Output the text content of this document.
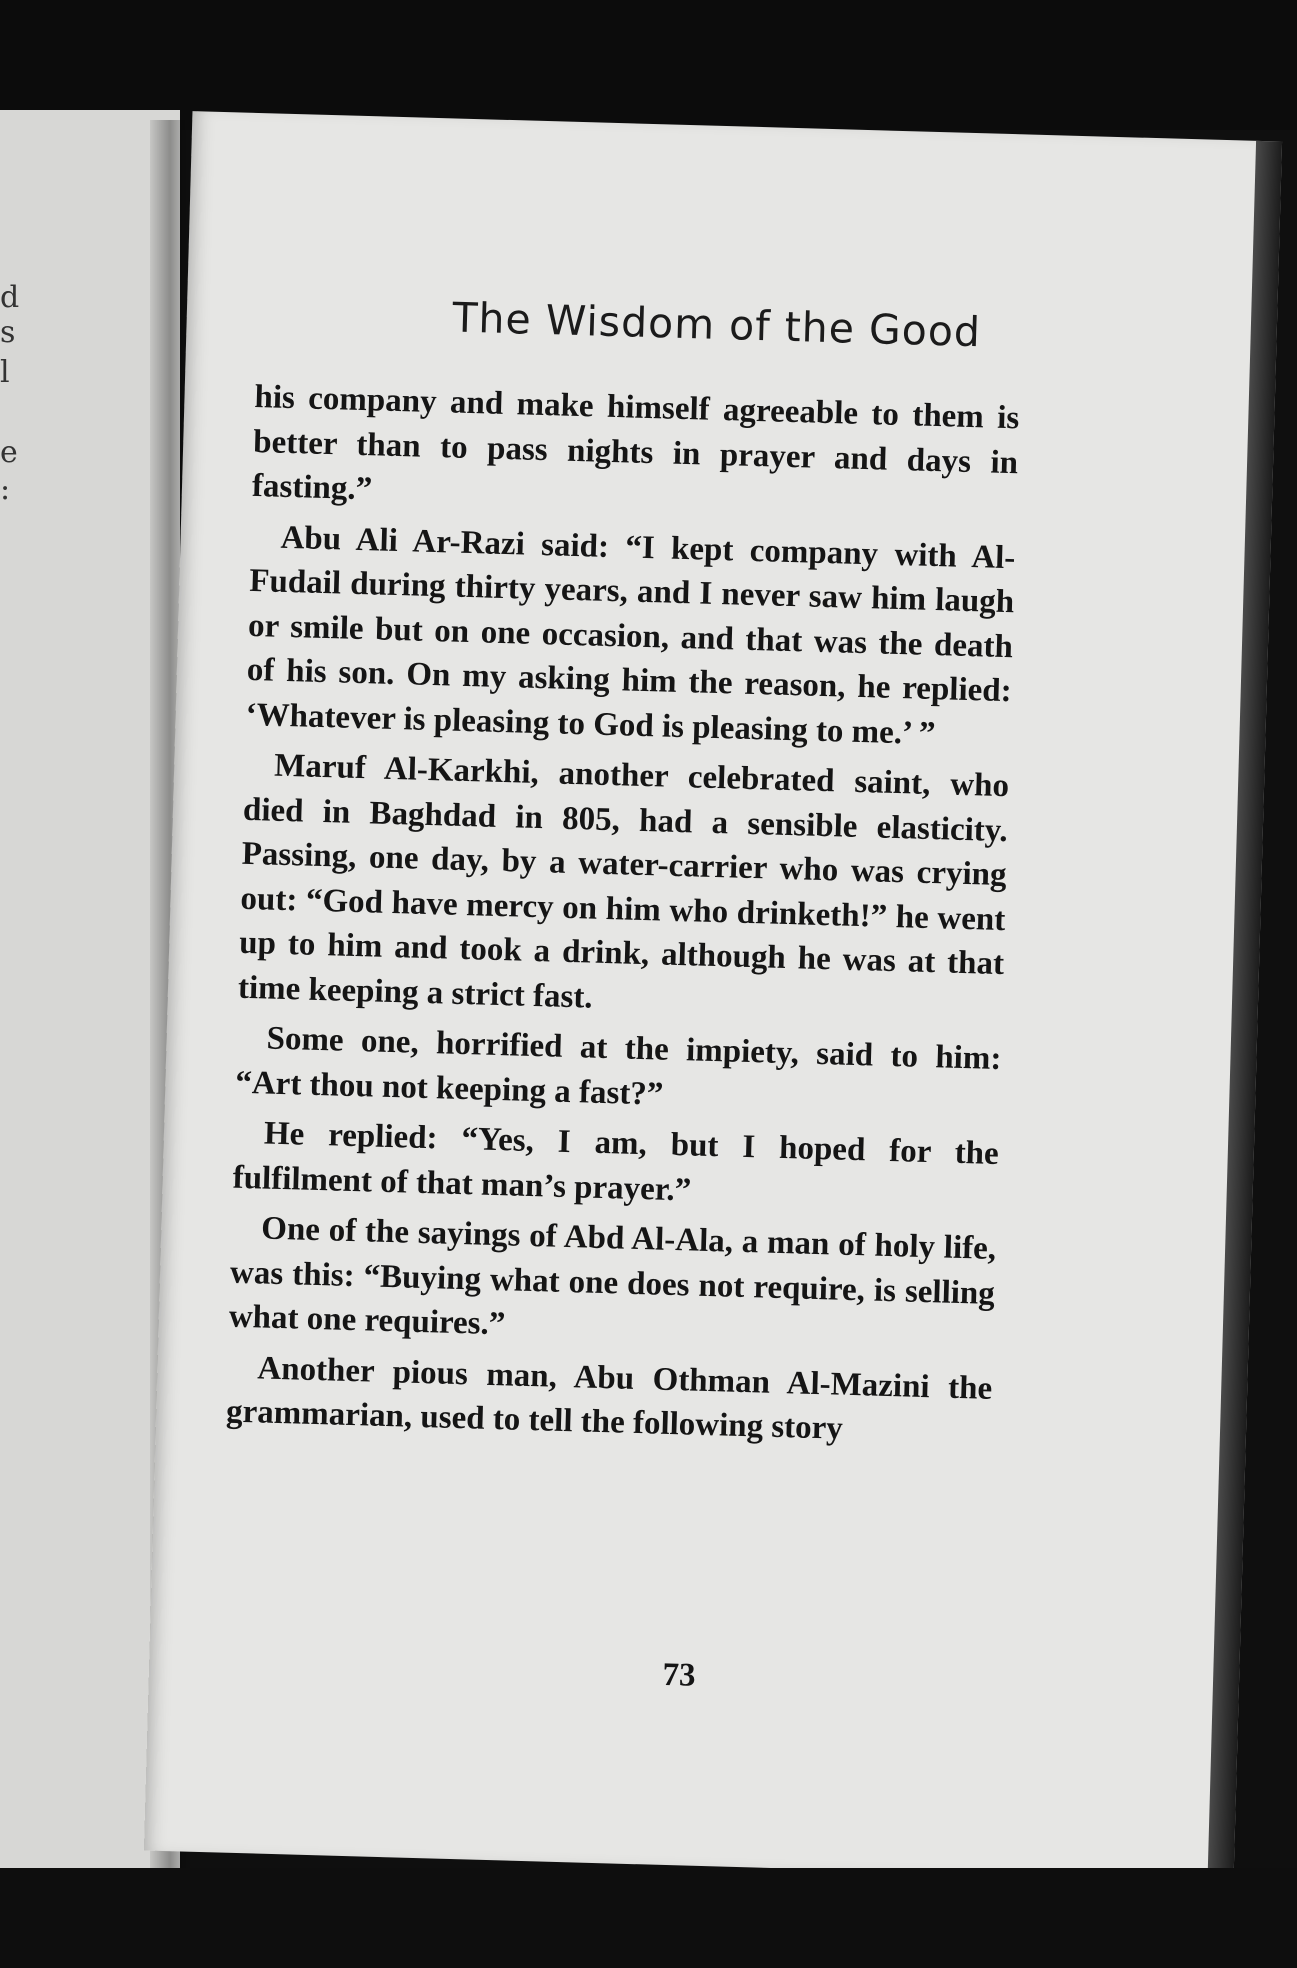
d
s
l
e
:
The Wisdom of the Good

his company and make himself agreeable to them is better than to pass nights in prayer and days in fasting.”

Abu Ali Ar-Razi said: “I kept company with Al-Fudail during thirty years, and I never saw him laugh or smile but on one occasion, and that was the death of his son. On my asking him the reason, he replied: ‘Whatever is pleasing to God is pleasing to me.’ ”

Maruf Al-Karkhi, another celebrated saint, who died in Baghdad in 805, had a sensible elasticity. Passing, one day, by a water-carrier who was crying out: “God have mercy on him who drinketh!” he went up to him and took a drink, although he was at that time keeping a strict fast.

Some one, horrified at the impiety, said to him: “Art thou not keeping a fast?”

He replied: “Yes, I am, but I hoped for the fulfilment of that man’s prayer.”

One of the sayings of Abd Al-Ala, a man of holy life, was this: “Buying what one does not require, is selling what one requires.”

Another pious man, Abu Othman Al-Mazini the grammarian, used to tell the following story

73
